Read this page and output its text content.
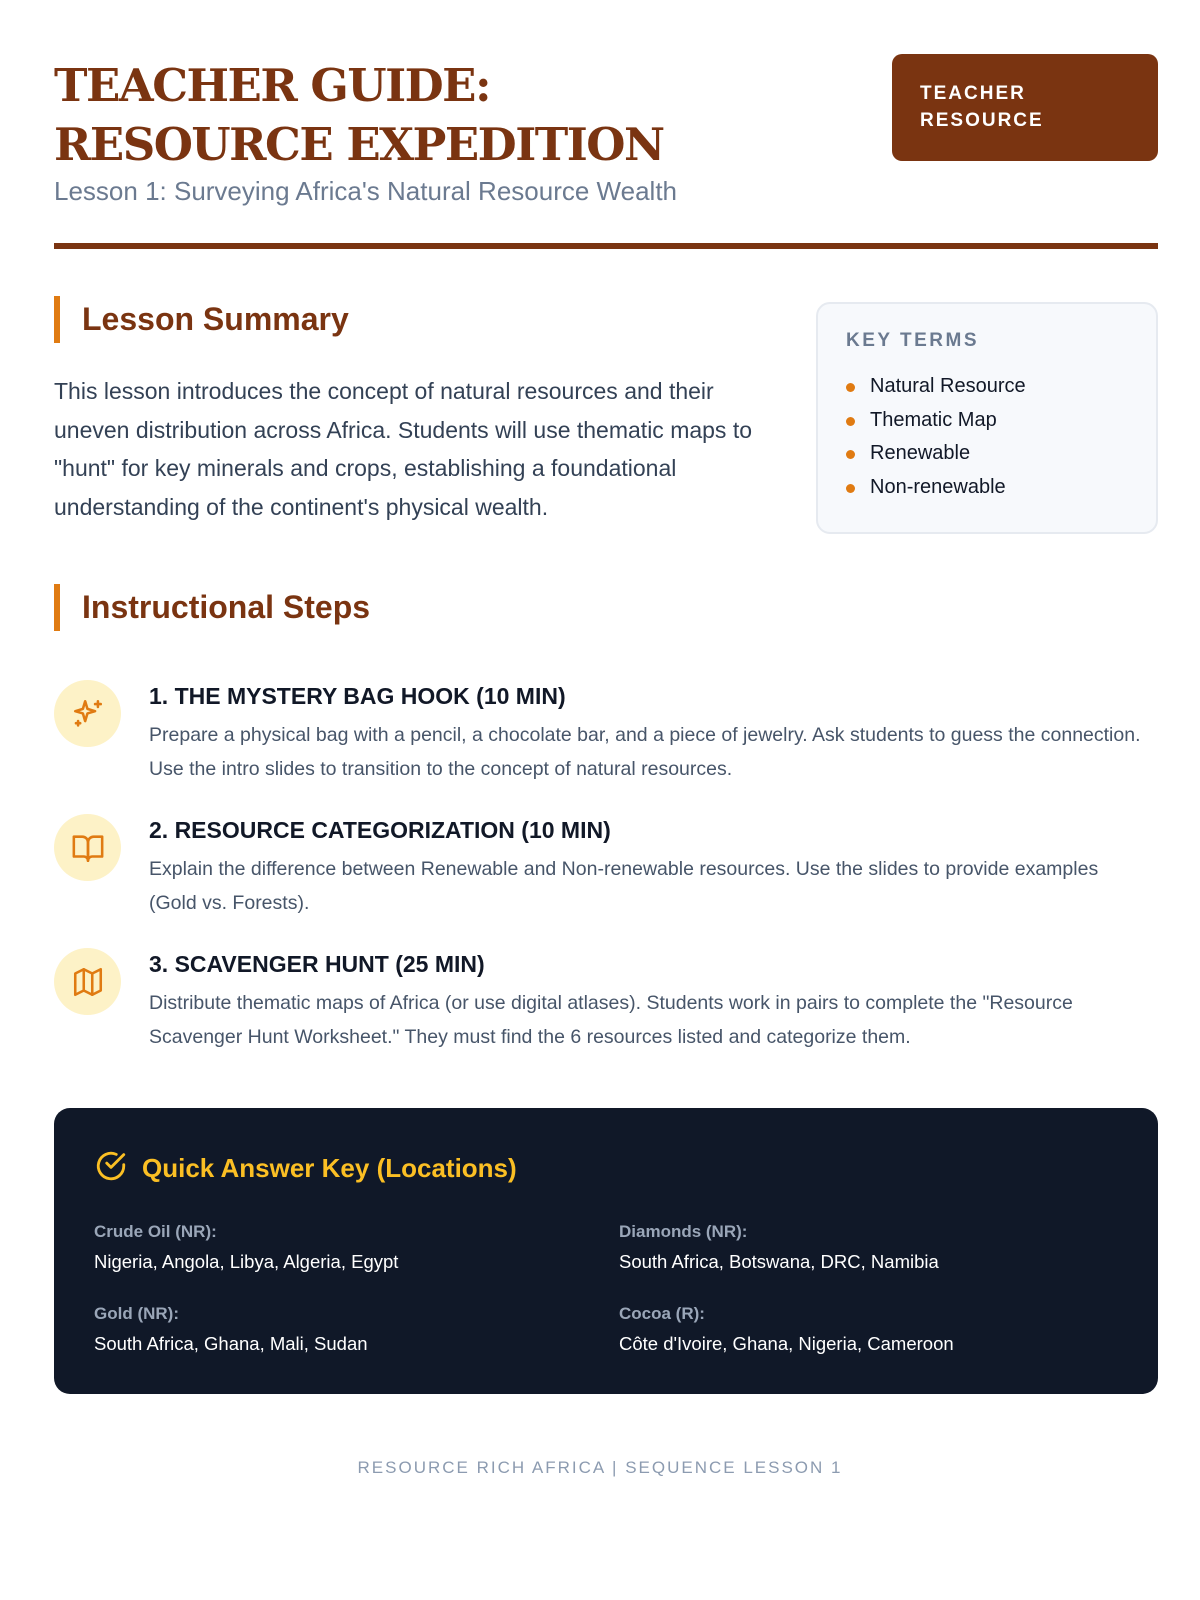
TEACHER GUIDE: RESOURCE EXPEDITION

Lesson 1: Surveying Africa's Natural Resource Wealth

TEACHER RESOURCE
Lesson Summary

This lesson introduces the concept of natural resources and their uneven distribution across Africa. Students will use thematic maps to "hunt" for key minerals and crops, establishing a foundational understanding of the continent's physical wealth.

KEY TERMS

Natural Resource
Thematic Map
Renewable
Non-renewable
Instructional Steps

1. THE MYSTERY BAG HOOK (10 MIN)

Prepare a physical bag with a pencil, a chocolate bar, and a piece of jewelry. Ask students to guess the connection. Use the intro slides to transition to the concept of natural resources.

2. RESOURCE CATEGORIZATION (10 MIN)

Explain the difference between Renewable and Non-renewable resources. Use the slides to provide examples (Gold vs. Forests).

3. SCAVENGER HUNT (25 MIN)

Distribute thematic maps of Africa (or use digital atlases). Students work in pairs to complete the "Resource Scavenger Hunt Worksheet." They must find the 6 resources listed and categorize them.

Quick Answer Key (Locations)

Crude Oil (NR):

Nigeria, Angola, Libya, Algeria, Egypt

Diamonds (NR):

South Africa, Botswana, DRC, Namibia

Gold (NR):

South Africa, Ghana, Mali, Sudan

Cocoa (R):

Côte d'Ivoire, Ghana, Nigeria, Cameroon

RESOURCE RICH AFRICA | SEQUENCE LESSON 1
